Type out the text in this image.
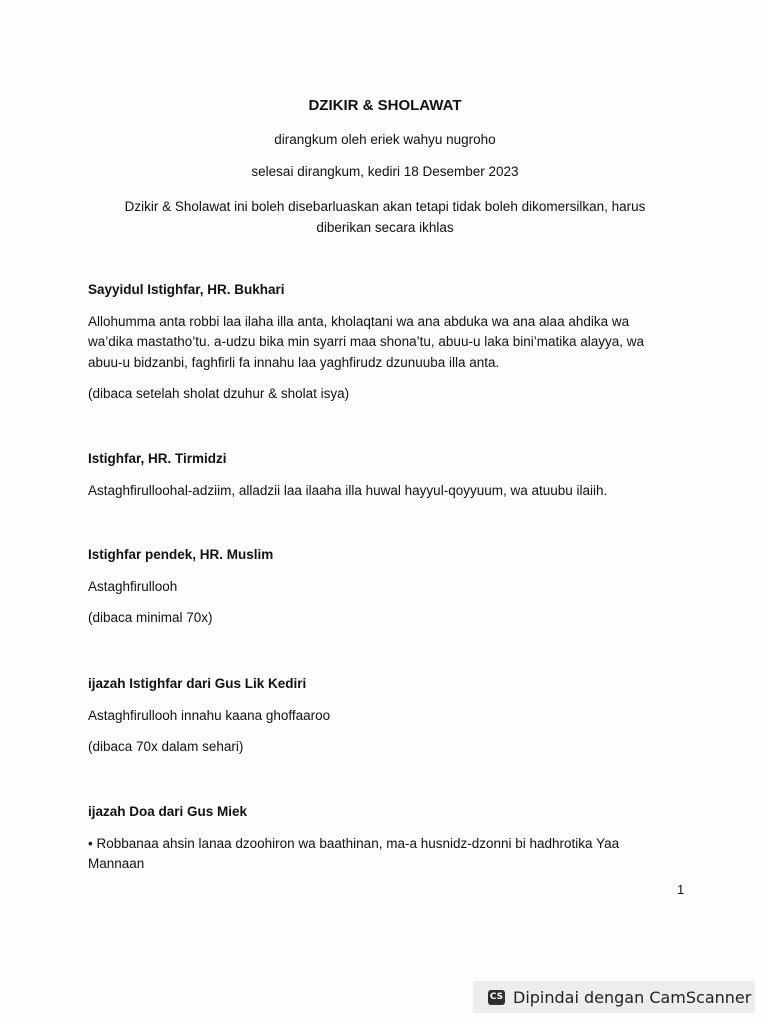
DZIKIR & SHOLAWAT
dirangkum oleh eriek wahyu nugroho
selesai dirangkum, kediri 18 Desember 2023
Dzikir & Sholawat ini boleh disebarluaskan akan tetapi tidak boleh dikomersilkan, harus
diberikan secara ikhlas
Sayyidul Istighfar, HR. Bukhari
Allohumma anta robbi laa ilaha illa anta, kholaqtani wa ana abduka wa ana alaa ahdika wa
wa’dika mastatho’tu. a-udzu bika min syarri maa shona’tu, abuu-u laka bini’matika alayya, wa
abuu-u bidzanbi, faghfirli fa innahu laa yaghfirudz dzunuuba illa anta.
(dibaca setelah sholat dzuhur & sholat isya)
Istighfar, HR. Tirmidzi
Astaghfirulloohal-adziim, alladzii laa ilaaha illa huwal hayyul-qoyyuum, wa atuubu ilaiih.
Istighfar pendek, HR. Muslim
Astaghfirullooh
(dibaca minimal 70x)
ijazah Istighfar dari Gus Lik Kediri
Astaghfirullooh innahu kaana ghoffaaroo
(dibaca 70x dalam sehari)
ijazah Doa dari Gus Miek
• Robbanaa ahsin lanaa dzoohiron wa baathinan, ma-a husnidz-dzonni bi hadhrotika Yaa
Mannaan
1
CS Dipindai dengan CamScanner
